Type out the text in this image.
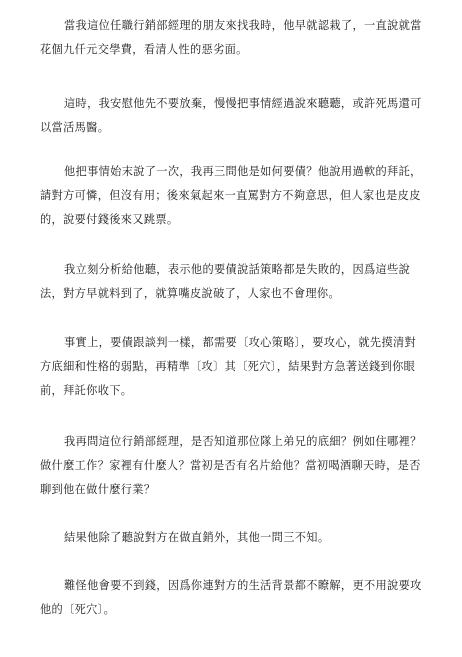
當我這位任職行銷部經理的朋友來找我時，他早就認栽了，一直說就當花個九仟元交學費，看清人性的惡劣面。

這時，我安慰他先不要放棄，慢慢把事情經過說來聽聽，或許死馬還可以當活馬醫。

他把事情始末說了一次，我再三問他是如何要債？他說用過軟的拜託，請對方可憐，但沒有用；後來氣起來一直罵對方不夠意思，但人家也是皮皮的，說要付錢後來又跳票。

我立刻分析給他聽，表示他的要債說話策略都是失敗的，因爲這些說法，對方早就料到了，就算嘴皮說破了，人家也不會理你。

事實上，要債跟談判一樣，都需要〔攻心策略〕，要攻心，就先摸清對方底細和性格的弱點，再精準〔攻〕其〔死穴〕，結果對方急著送錢到你眼前，拜託你收下。

我再問這位行銷部經理，是否知道那位隊上弟兄的底細？例如住哪裡？做什麼工作？家裡有什麼人？當初是否有名片給他？當初喝酒聊天時，是否聊到他在做什麼行業？

結果他除了聽說對方在做直銷外，其他一問三不知。

難怪他會要不到錢，因爲你連對方的生活背景都不瞭解，更不用說要攻他的〔死穴〕。
